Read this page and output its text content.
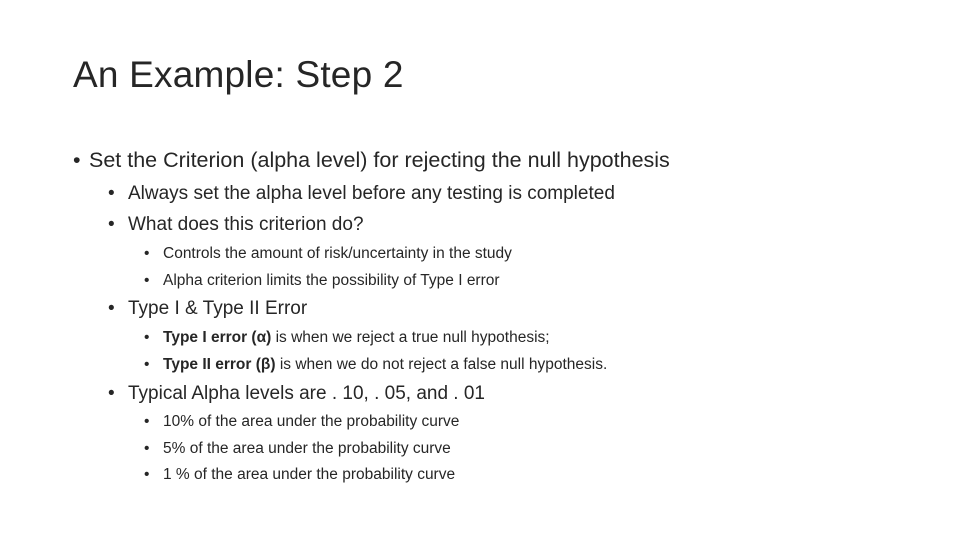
An Example: Step 2
• Set the Criterion (alpha level) for rejecting the null hypothesis
• Always set the alpha level before any testing is completed
• What does this criterion do?
• Controls the amount of risk/uncertainty in the study
• Alpha criterion limits the possibility of Type I error
• Type I & Type II Error
• Type I error (α) is when we reject a true null hypothesis;
• Type II error (β) is when we do not reject a false null hypothesis.
• Typical Alpha levels are . 10, . 05, and . 01
• 10% of the area under the probability curve
• 5% of the area under the probability curve
• 1 % of the area under the probability curve
